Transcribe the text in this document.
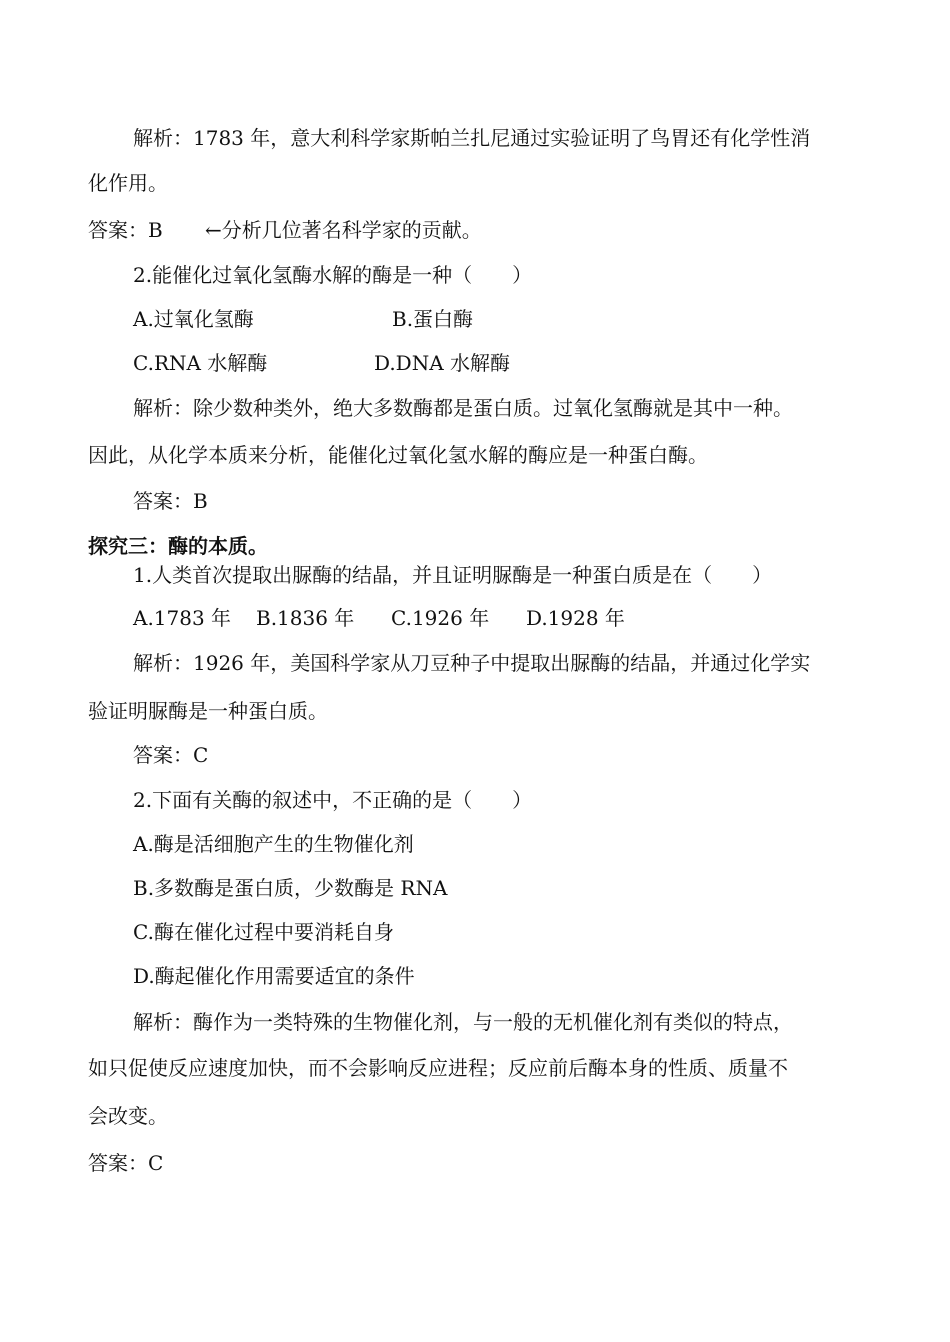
解析：1783 年，意大利科学家斯帕兰扎尼通过实验证明了鸟胃还有化学性消
化作用。
答案：B ←分析几位著名科学家的贡献。
2.能催化过氧化氢酶水解的酶是一种（　　）
A.过氧化氢酶	B.蛋白酶
C.RNA 水解酶	D.DNA 水解酶
解析：除少数种类外，绝大多数酶都是蛋白质。过氧化氢酶就是其中一种。
因此，从化学本质来分析，能催化过氧化氢水解的酶应是一种蛋白酶。
答案：B
探究三：酶的本质。
1.人类首次提取出脲酶的结晶，并且证明脲酶是一种蛋白质是在（　　）
A.1783 年 B.1836 年 C.1926 年 D.1928 年
解析：1926 年，美国科学家从刀豆种子中提取出脲酶的结晶，并通过化学实
验证明脲酶是一种蛋白质。
答案：C
2.下面有关酶的叙述中，不正确的是（　　）
A.酶是活细胞产生的生物催化剂
B.多数酶是蛋白质，少数酶是 RNA
C.酶在催化过程中要消耗自身
D.酶起催化作用需要适宜的条件
解析：酶作为一类特殊的生物催化剂，与一般的无机催化剂有类似的特点，
如只促使反应速度加快，而不会影响反应进程；反应前后酶本身的性质、质量不
会改变。
答案：C
